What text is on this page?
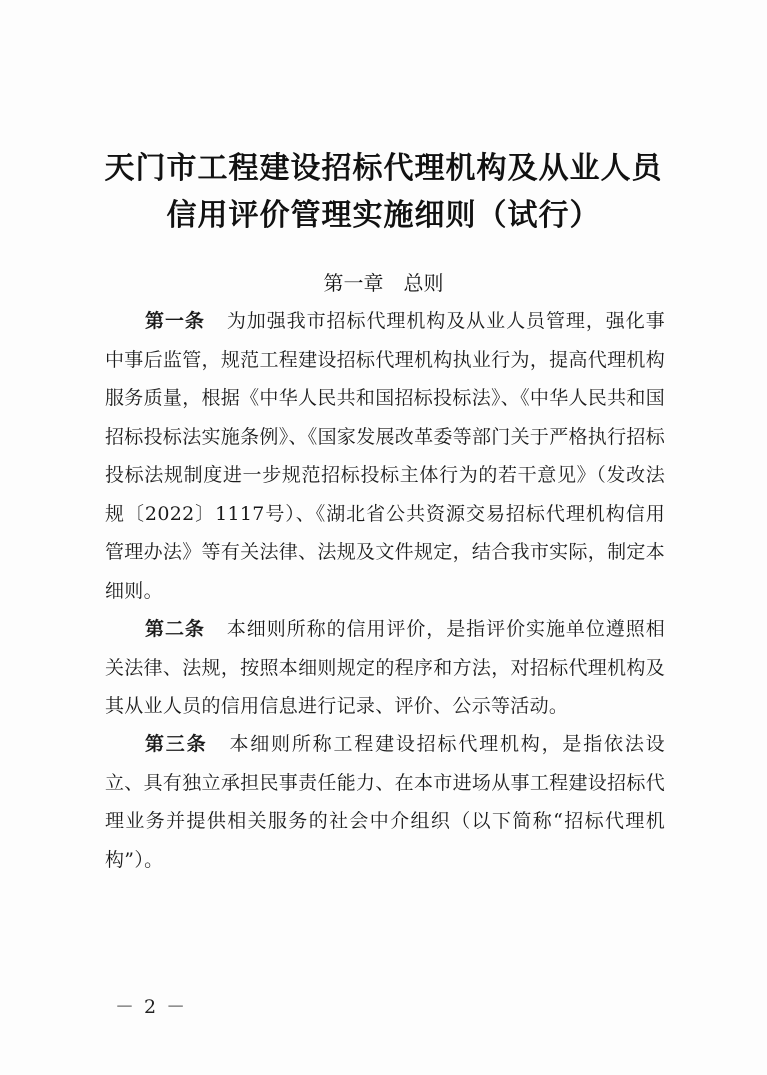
天门市工程建设招标代理机构及从业人员
信用评价管理实施细则（试行）
第一章 总则

第一条 为加强我市招标代理机构及从业人员管理，强化事中事后监管，规范工程建设招标代理机构执业行为，提高代理机构服务质量，根据《中华人民共和国招标投标法》、《中华人民共和国招标投标法实施条例》、《国家发展改革委等部门关于严格执行招标投标法规制度进一步规范招标投标主体行为的若干意见》（发改法规〔2022〕1117号）、《湖北省公共资源交易招标代理机构信用管理办法》等有关法律、法规及文件规定，结合我市实际，制定本细则。

第二条 本细则所称的信用评价，是指评价实施单位遵照相关法律、法规，按照本细则规定的程序和方法，对招标代理机构及其从业人员的信用信息进行记录、评价、公示等活动。

第三条 本细则所称工程建设招标代理机构，是指依法设立、具有独立承担民事责任能力、在本市进场从事工程建设招标代理业务并提供相关服务的社会中介组织（以下简称“招标代理机构”）。

－ 2 －
